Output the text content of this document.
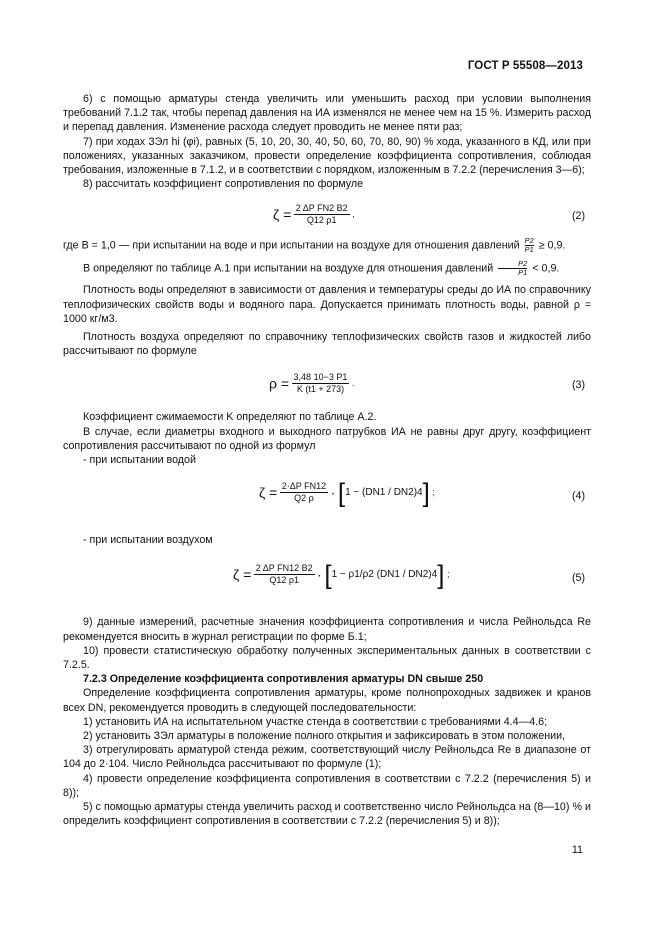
ГОСТ Р 55508—2013

6) с помощью арматуры стенда увеличить или уменьшить расход при условии выполнения требований 7.1.2 так, чтобы перепад давления на ИА изменялся не менее чем на 15 %. Измерить расход и перепад давления. Изменение расхода следует проводить не менее пяти раз;

7) при ходах ЗЭл hi (φi), равных (5, 10, 20, 30, 40, 50, 60, 70, 80, 90) % хода, указанного в КД, или при положениях, указанных заказчиком, провести определение коэффициента сопротивления, соблюдая требования, изложенные в 7.1.2, и в соответствии с порядком, изложенным в 7.2.2 (перечисления 3—6);

8) рассчитать коэффициент сопротивления по формуле

$\zeta = \frac{\text{2 ΔP FN2 B2}}{Q12 \rho 1}$ ,	(2)

где B = 1,0 — при испытании на воде и при испытании на воздухе для отношения давлений $\frac{P2}{P1} \ge 0,9$.

B определяют по таблице А.1 при испытании на воздухе для отношения давлений $\frac{P2}{P1} < 0,9$.

Плотность воды определяют в зависимости от давления и температуры среды до ИА по справочнику теплофизических свойств воды и водяного пара. Допускается принимать плотность воды, равной ρ = 1000 кг/м3.

Плотность воздуха определяют по справочнику теплофизических свойств газов и жидкостей либо рассчитывают по формуле

$\rho = \frac{3,48 10-3 P1}{K (t1 + 273)}$ .	(3)

Коэффициент сжимаемости K определяют по таблице А.2.

В случае, если диаметры входного и выходного патрубков ИА не равны друг другу, коэффициент сопротивления рассчитывают по одной из формул

- при испытании водой

$\zeta = \frac{\text{2·ΔP FN12}}{Q2 \rho} \cdot [1 - (DN1 / DN2)4]$ ;	(4)

- при испытании воздухом

$\zeta = \frac{\text{2 ΔP FN12 B2}}{Q12 \rho 1} \cdot [1 - \rho 1/\rho 2$ (DN1 / DN2)4] ;	(5)

9) данные измерений, расчетные значения коэффициента сопротивления и числа Рейнольдса Re рекомендуется вносить в журнал регистрации по форме Б.1;

10) провести статистическую обработку полученных экспериментальных данных в соответствии с 7.2.5.

7.2.3 Определение коэффициента сопротивления арматуры DN свыше 250

Определение коэффициента сопротивления арматуры, кроме полнопроходных задвижек и кранов всех DN, рекомендуется проводить в следующей последовательности:

1) установить ИА на испытательном участке стенда в соответствии с требованиями 4.4—4.6;

2) установить ЗЭл арматуры в положение полного открытия и зафиксировать в этом положении,

3) отрегулировать арматурой стенда режим, соответствующий числу Рейнольдса Re в диапазоне от 104 до 2·104. Число Рейнольдса рассчитывают по формуле (1);

4) провести определение коэффициента сопротивления в соответствии с 7.2.2 (перечисления 5) и 8));

5) с помощью арматуры стенда увеличить расход и соответственно число Рейнольдса на (8—10) % и определить коэффициент сопротивления в соответствии с 7.2.2 (перечисления 5) и 8));

11
